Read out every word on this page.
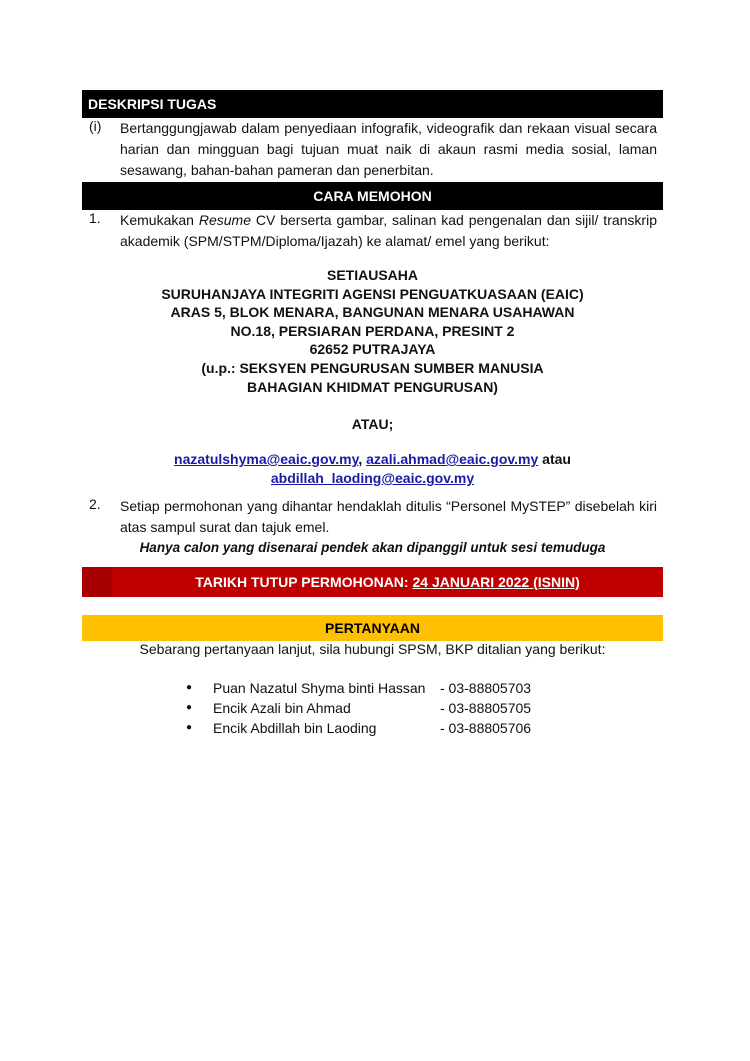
DESKRIPSI TUGAS
(i) Bertanggungjawab dalam penyediaan infografik, videografik dan rekaan visual secara harian dan mingguan bagi tujuan muat naik di akaun rasmi media sosial, laman sesawang, bahan-bahan pameran dan penerbitan.
CARA MEMOHON
1. Kemukakan Resume CV berserta gambar, salinan kad pengenalan dan sijil/ transkrip akademik (SPM/STPM/Diploma/Ijazah) ke alamat/ emel yang berikut:
SETIAUSAHA
SURUHANJAYA INTEGRITI AGENSI PENGUATKUASAAN (EAIC)
ARAS 5, BLOK MENARA, BANGUNAN MENARA USAHAWAN
NO.18, PERSIARAN PERDANA, PRESINT 2
62652 PUTRAJAYA
(u.p.: SEKSYEN PENGURUSAN SUMBER MANUSIA
BAHAGIAN KHIDMAT PENGURUSAN)
ATAU;
nazatulshyma@eaic.gov.my, azali.ahmad@eaic.gov.my atau
abdillah_laoding@eaic.gov.my
2. Setiap permohonan yang dihantar hendaklah ditulis “Personel MySTEP” disebelah kiri atas sampul surat dan tajuk emel.
Hanya calon yang disenarai pendek akan dipanggil untuk sesi temuduga
TARIKH TUTUP PERMOHONAN: 24 JANUARI 2022 (ISNIN)
PERTANYAAN
Sebarang pertanyaan lanjut, sila hubungi SPSM, BKP ditalian yang berikut:
● Puan Nazatul Shyma binti Hassan - 03-88805703
● Encik Azali bin Ahmad	- 03-88805705
● Encik Abdillah bin Laoding	- 03-88805706
